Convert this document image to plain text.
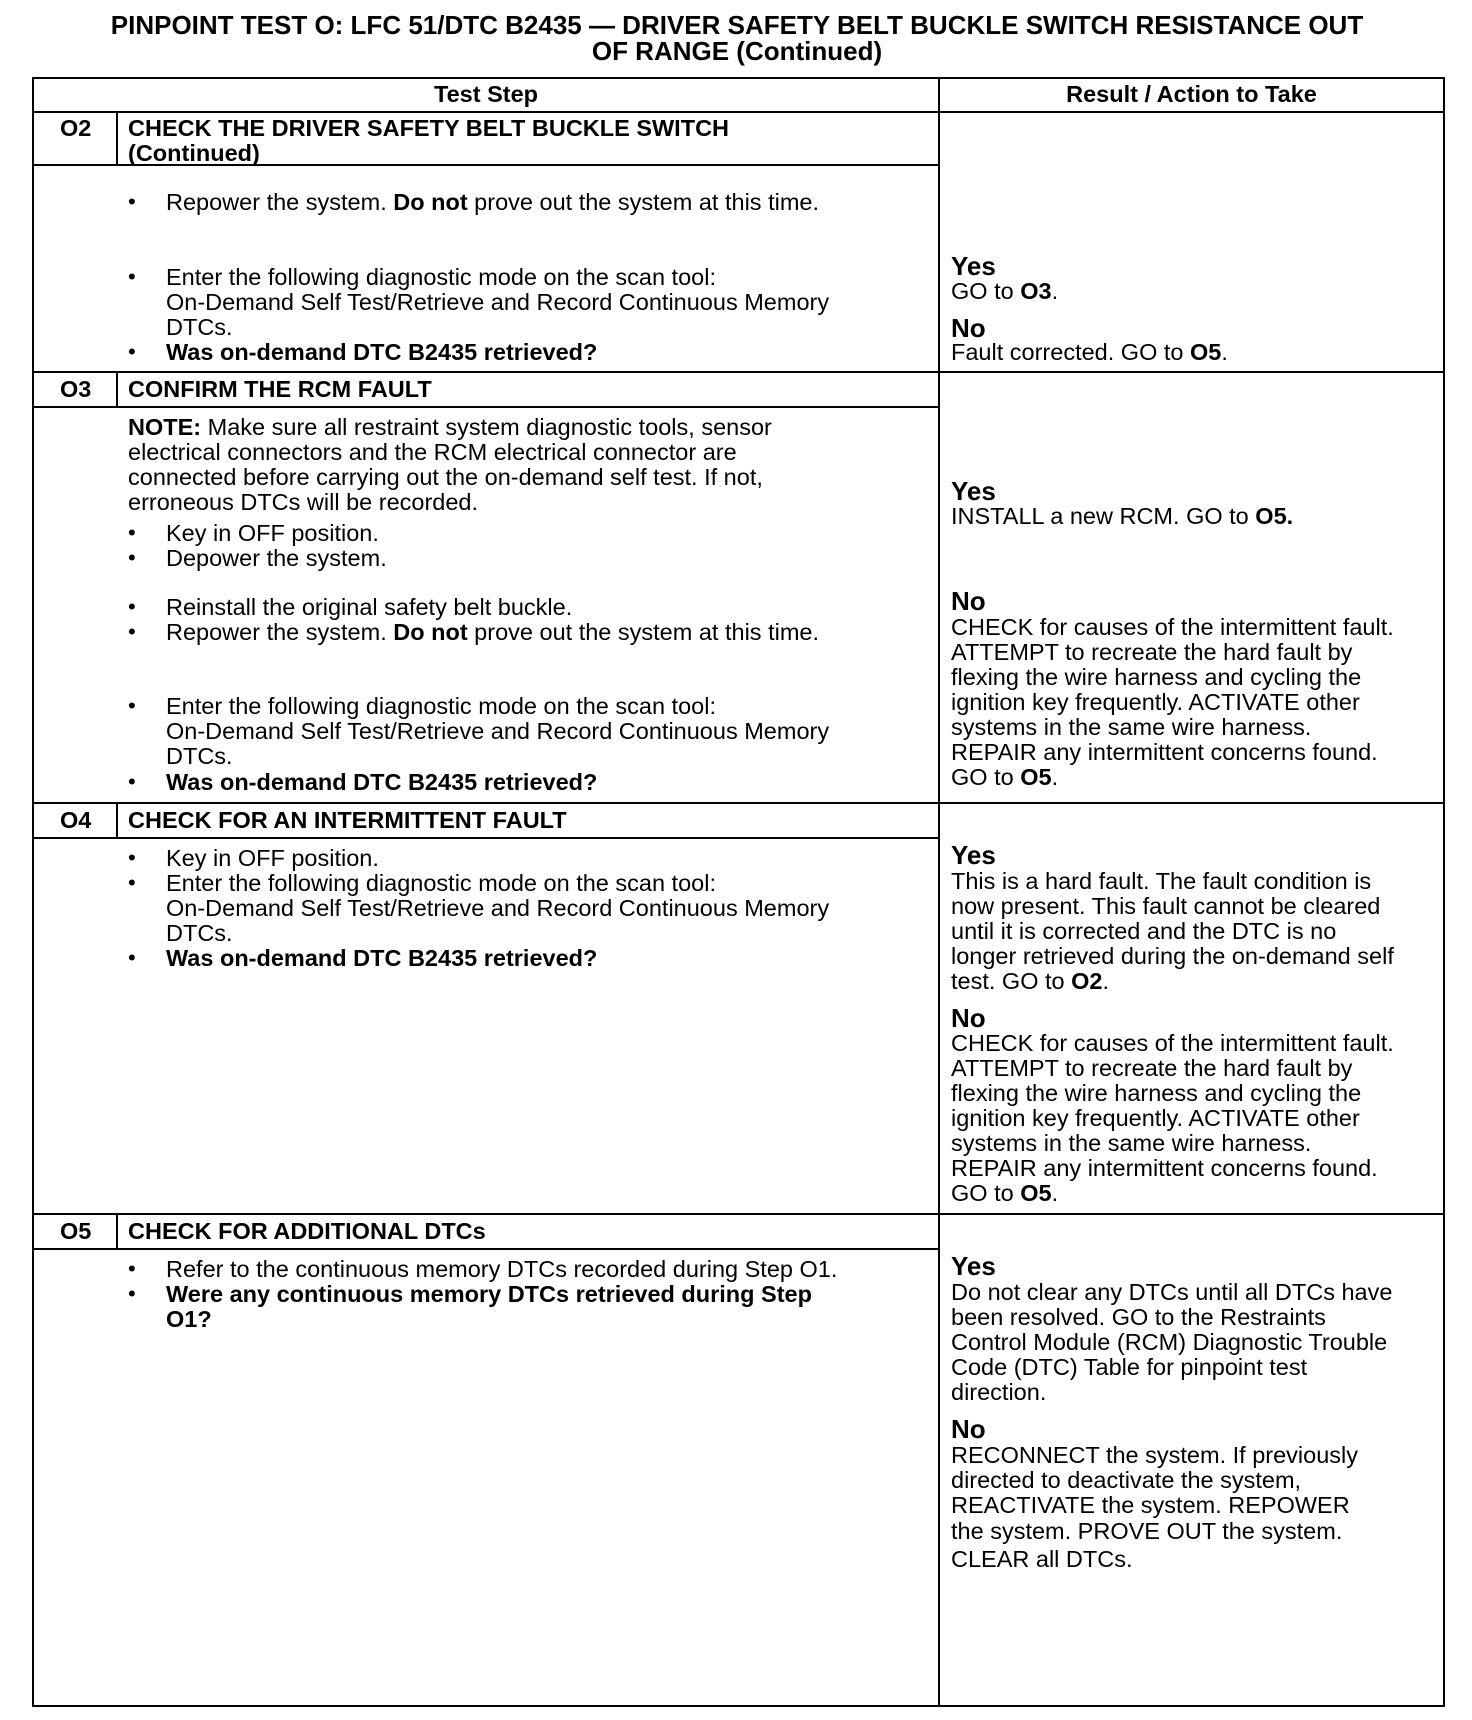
PINPOINT TEST O: LFC 51/DTC B2435 — DRIVER SAFETY BELT BUCKLE SWITCH RESISTANCE OUT
OF RANGE (Continued)
Test Step	Result / Action to Take
O2 CHECK THE DRIVER SAFETY BELT BUCKLE SWITCH
(Continued)
• Repower the system. Do not prove out the system at this time.
• Enter the following diagnostic mode on the scan tool:
On-Demand Self Test/Retrieve and Record Continuous Memory
DTCs.
• Was on-demand DTC B2435 retrieved?
Yes
GO to O3.
No
Fault corrected. GO to O5.
O3 CONFIRM THE RCM FAULT
NOTE: Make sure all restraint system diagnostic tools, sensor
electrical connectors and the RCM electrical connector are
connected before carrying out the on-demand self test. If not,
erroneous DTCs will be recorded.
• Key in OFF position.
• Depower the system.
• Reinstall the original safety belt buckle.
• Repower the system. Do not prove out the system at this time.
• Enter the following diagnostic mode on the scan tool:
On-Demand Self Test/Retrieve and Record Continuous Memory
DTCs.
• Was on-demand DTC B2435 retrieved?
Yes
INSTALL a new RCM. GO to O5.
No
CHECK for causes of the intermittent fault.
ATTEMPT to recreate the hard fault by
flexing the wire harness and cycling the
ignition key frequently. ACTIVATE other
systems in the same wire harness.
REPAIR any intermittent concerns found.
GO to O5.
O4 CHECK FOR AN INTERMITTENT FAULT
• Key in OFF position.
• Enter the following diagnostic mode on the scan tool:
On-Demand Self Test/Retrieve and Record Continuous Memory
DTCs.
• Was on-demand DTC B2435 retrieved?
Yes
This is a hard fault. The fault condition is
now present. This fault cannot be cleared
until it is corrected and the DTC is no
longer retrieved during the on-demand self
test. GO to O2.
No
CHECK for causes of the intermittent fault.
ATTEMPT to recreate the hard fault by
flexing the wire harness and cycling the
ignition key frequently. ACTIVATE other
systems in the same wire harness.
REPAIR any intermittent concerns found.
GO to O5.
O5 CHECK FOR ADDITIONAL DTCs
• Refer to the continuous memory DTCs recorded during Step O1.
• Were any continuous memory DTCs retrieved during Step
O1?
Yes
Do not clear any DTCs until all DTCs have
been resolved. GO to the Restraints
Control Module (RCM) Diagnostic Trouble
Code (DTC) Table for pinpoint test
direction.
No
RECONNECT the system. If previously
directed to deactivate the system,
REACTIVATE the system. REPOWER
the system. PROVE OUT the system.
CLEAR all DTCs.
